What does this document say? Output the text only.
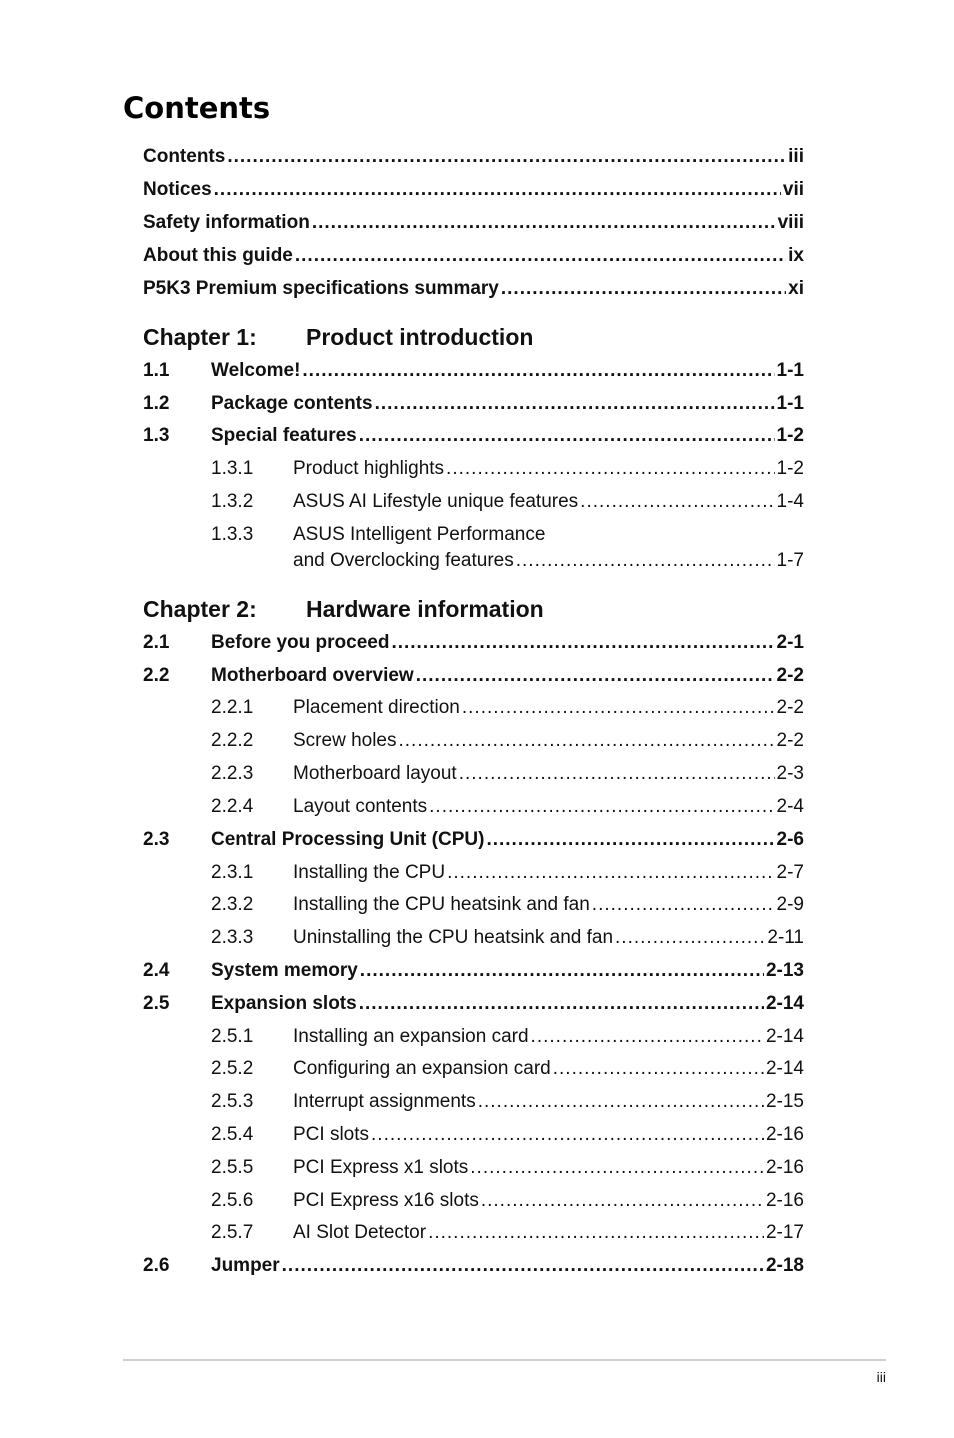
Contents
Contents .....	iii
Notices .....	vii
Safety information .....	viii
About this guide .....	ix
P5K3 Premium specifications summary .....	xi
Chapter 1: Product introduction
1.1	Welcome! .....	1-1
1.2	Package contents .....	1-1
1.3	Special features .....	1-2
1.3.1	Product highlights .....	1-2
1.3.2	ASUS AI Lifestyle unique features .....	1-4
1.3.3	ASUS Intelligent Performance
and Overclocking features .....	1-7
Chapter 2: Hardware information
2.1	Before you proceed .....	2-1
2.2	Motherboard overview .....	2-2
2.2.1	Placement direction .....	2-2
2.2.2	Screw holes .....	2-2
2.2.3	Motherboard layout .....	2-3
2.2.4	Layout contents .....	2-4
2.3	Central Processing Unit (CPU) .....	2-6
2.3.1	Installing the CPU .....	2-7
2.3.2	Installing the CPU heatsink and fan .....	2-9
2.3.3	Uninstalling the CPU heatsink and fan .....	2-11
2.4	System memory .....	2-13
2.5	Expansion slots .....	2-14
2.5.1	Installing an expansion card .....	2-14
2.5.2	Configuring an expansion card .....	2-14
2.5.3	Interrupt assignments .....	2-15
2.5.4	PCI slots .....	2-16
2.5.5	PCI Express x1 slots .....	2-16
2.5.6	PCI Express x16 slots .....	2-16
2.5.7	AI Slot Detector .....	2-17
2.6	Jumper .....	2-18
iii
